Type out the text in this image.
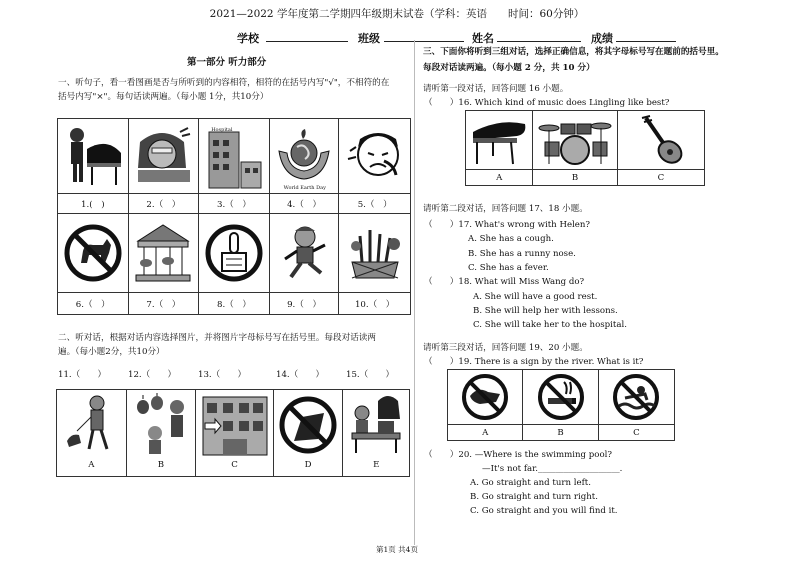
2021—2022 学年度第二学期四年级期末试卷（学科：英语　　时间：60分钟）
学校	班级	姓名	成绩
第一部分 听力部分
一、听句子，看一看图画是否与所听到的内容相符，相符的在括号内写"√"，不相符的在
括号内写"×"。每句话读两遍。（每小题 1分，共10分）
Hospital
World Earth Day
1.(　)	2.（　）	3.（　）	4.（　）	5.（　）
6.（　）	7.（　）	8.（　）	9.（　）	10.（　）
二、听对话，根据对话内容选择图片，并将图片字母标号写在括号里。每段对话读两
遍。（每小题2分，共10分）
11.（　　）	12.（　　）	13.（　　）	14.（　　）	15.（　　）
A	B	C	D	E
三、下面你将听到三组对话，选择正确信息，将其字母标号写在题前的括号里。
每段对话读两遍。（每小题 2 分，共 10 分）
请听第一段对话，回答问题 16 小题。
（　　）16. Which kind of music does Lingling like best?
A	B	C
请听第二段对话，回答问题 17、18 小题。
（　　）17. What's wrong with Helen?
A. She has a cough.
B. She has a runny nose.
C. She has a fever.
（　　）18. What will Miss Wang do?
A. She will have a good rest.
B. She will help her with lessons.
C. She will take her to the hospital.
请听第三段对话，回答问题 19、20 小题。
（　　）19. There is a sign by the river. What is it?
A	B	C
（　　）20. —Where is the swimming pool?
—It's not far.___________________.
A. Go straight and turn left.
B. Go straight and turn right.
C. Go straight and you will find it.
第1页 共4页
